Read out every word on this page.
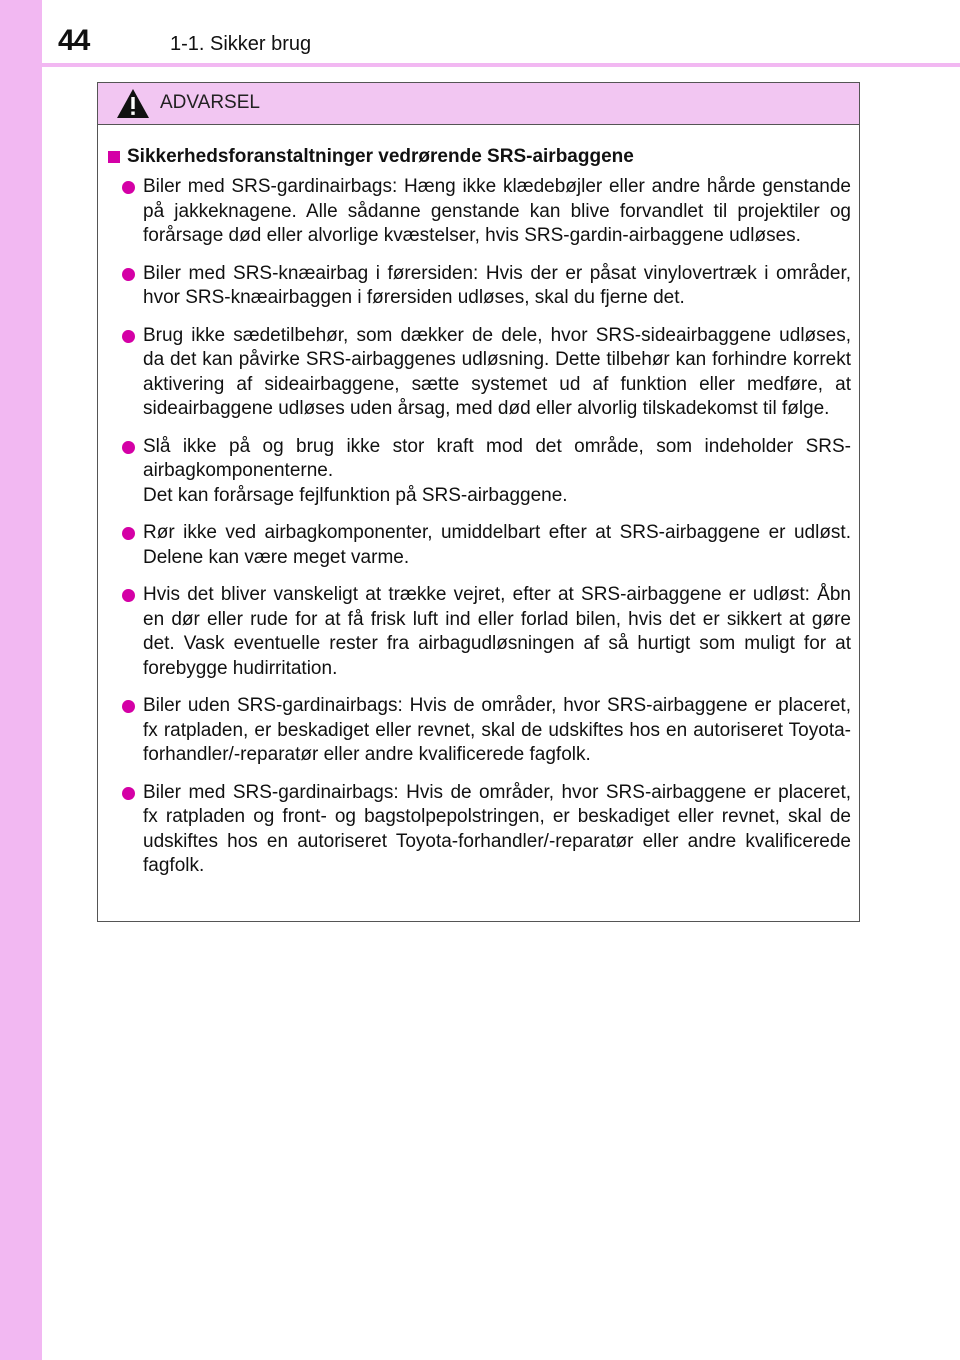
44	1-1. Sikker brug
ADVARSEL
Sikkerhedsforanstaltninger vedrørende SRS-airbaggene
Biler med SRS-gardinairbags: Hæng ikke klædebøjler eller andre hårde genstande på jakkeknagene. Alle sådanne genstande kan blive forvandlet til projektiler og forårsage død eller alvorlige kvæstelser, hvis SRS-gardin-airbaggene udløses.
Biler med SRS-knæairbag i førersiden: Hvis der er påsat vinylovertræk i områder, hvor SRS-knæairbaggen i førersiden udløses, skal du fjerne det.
Brug ikke sædetilbehør, som dækker de dele, hvor SRS-sideairbaggene udløses, da det kan påvirke SRS-airbaggenes udløsning. Dette tilbehør kan forhindre korrekt aktivering af sideairbaggene, sætte systemet ud af funktion eller medføre, at sideairbaggene udløses uden årsag, med død eller alvorlig tilskadekomst til følge.
Slå ikke på og brug ikke stor kraft mod det område, som indeholder SRS-airbagkomponenterne.
Det kan forårsage fejlfunktion på SRS-airbaggene.
Rør ikke ved airbagkomponenter, umiddelbart efter at SRS-airbaggene er udløst. Delene kan være meget varme.
Hvis det bliver vanskeligt at trække vejret, efter at SRS-airbaggene er udløst: Åbn en dør eller rude for at få frisk luft ind eller forlad bilen, hvis det er sikkert at gøre det. Vask eventuelle rester fra airbagudløsningen af så hurtigt som muligt for at forebygge hudirritation.
Biler uden SRS-gardinairbags: Hvis de områder, hvor SRS-airbaggene er placeret, fx ratpladen, er beskadiget eller revnet, skal de udskiftes hos en autoriseret Toyota-forhandler/-reparatør eller andre kvalificerede fagfolk.
Biler med SRS-gardinairbags: Hvis de områder, hvor SRS-airbaggene er placeret, fx ratpladen og front- og bagstolpepolstringen, er beskadiget eller revnet, skal de udskiftes hos en autoriseret Toyota-forhandler/-reparatør eller andre kvalificerede fagfolk.
